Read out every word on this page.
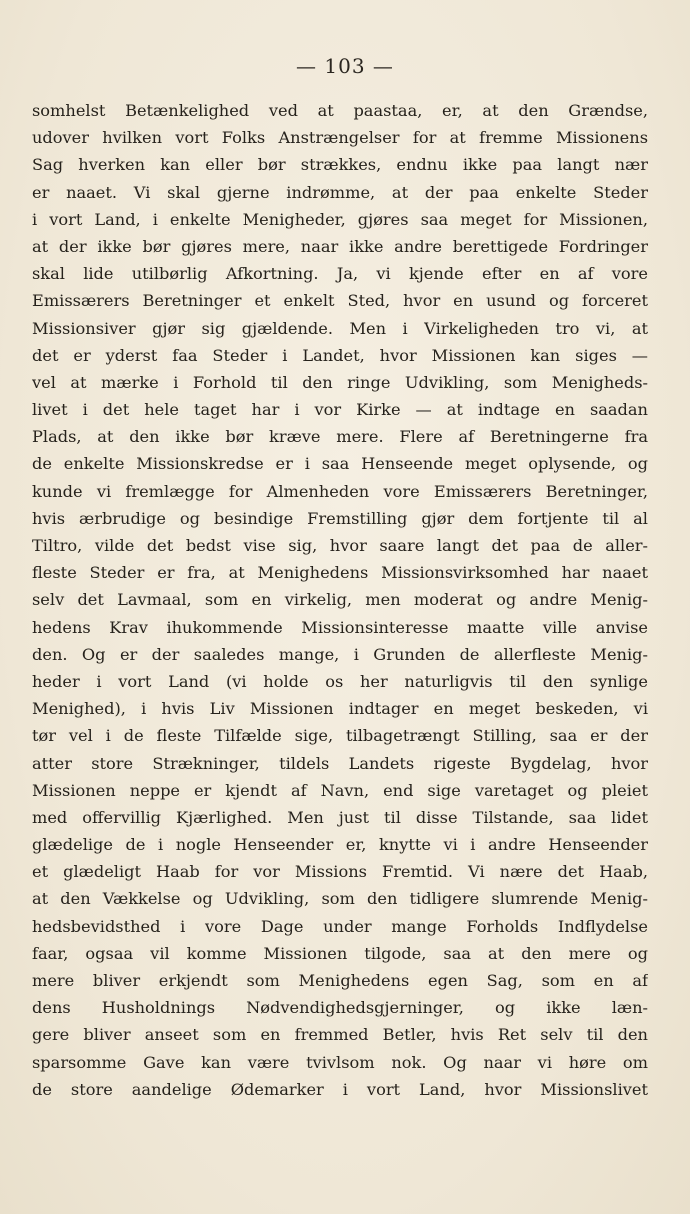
— 103 —
somhelst Betænkelighed ved at paastaa, er, at den Grændse,
udover hvilken vort Folks Anstrængelser for at fremme Missionens
Sag hverken kan eller bør strækkes, endnu ikke paa langt nær
er naaet. Vi skal gjerne indrømme, at der paa enkelte Steder
i vort Land, i enkelte Menigheder, gjøres saa meget for Missionen,
at der ikke bør gjøres mere, naar ikke andre berettigede Fordringer
skal lide utilbørlig Afkortning. Ja, vi kjende efter en af vore
Emissærers Beretninger et enkelt Sted, hvor en usund og forceret
Missionsiver gjør sig gjældende. Men i Virkeligheden tro vi, at
det er yderst faa Steder i Landet, hvor Missionen kan siges —
vel at mærke i Forhold til den ringe Udvikling, som Menigheds-
livet i det hele taget har i vor Kirke — at indtage en saadan
Plads, at den ikke bør kræve mere. Flere af Beretningerne fra
de enkelte Missionskredse er i saa Henseende meget oplysende, og
kunde vi fremlægge for Almenheden vore Emissærers Beretninger,
hvis ærbrudige og besindige Fremstilling gjør dem fortjente til al
Tiltro, vilde det bedst vise sig, hvor saare langt det paa de aller-
fleste Steder er fra, at Menighedens Missionsvirksomhed har naaet
selv det Lavmaal, som en virkelig, men moderat og andre Menig-
hedens Krav ihukommende Missionsinteresse maatte ville anvise
den. Og er der saaledes mange, i Grunden de allerfleste Menig-
heder i vort Land (vi holde os her naturligvis til den synlige
Menighed), i hvis Liv Missionen indtager en meget beskeden, vi
tør vel i de fleste Tilfælde sige, tilbagetrængt Stilling, saa er der
atter store Strækninger, tildels Landets rigeste Bygdelag, hvor
Missionen neppe er kjendt af Navn, end sige varetaget og pleiet
med offervillig Kjærlighed. Men just til disse Tilstande, saa lidet
glædelige de i nogle Henseender er, knytte vi i andre Henseender
et glædeligt Haab for vor Missions Fremtid. Vi nære det Haab,
at den Vækkelse og Udvikling, som den tidligere slumrende Menig-
hedsbevidsthed i vore Dage under mange Forholds Indflydelse
faar, ogsaa vil komme Missionen tilgode, saa at den mere og
mere bliver erkjendt som Menighedens egen Sag, som en af
dens Husholdnings Nødvendighedsgjerninger, og ikke læn-
gere bliver anseet som en fremmed Betler, hvis Ret selv til den
sparsomme Gave kan være tvivlsom nok. Og naar vi høre om
de store aandelige Ødemarker i vort Land, hvor Missionslivet
